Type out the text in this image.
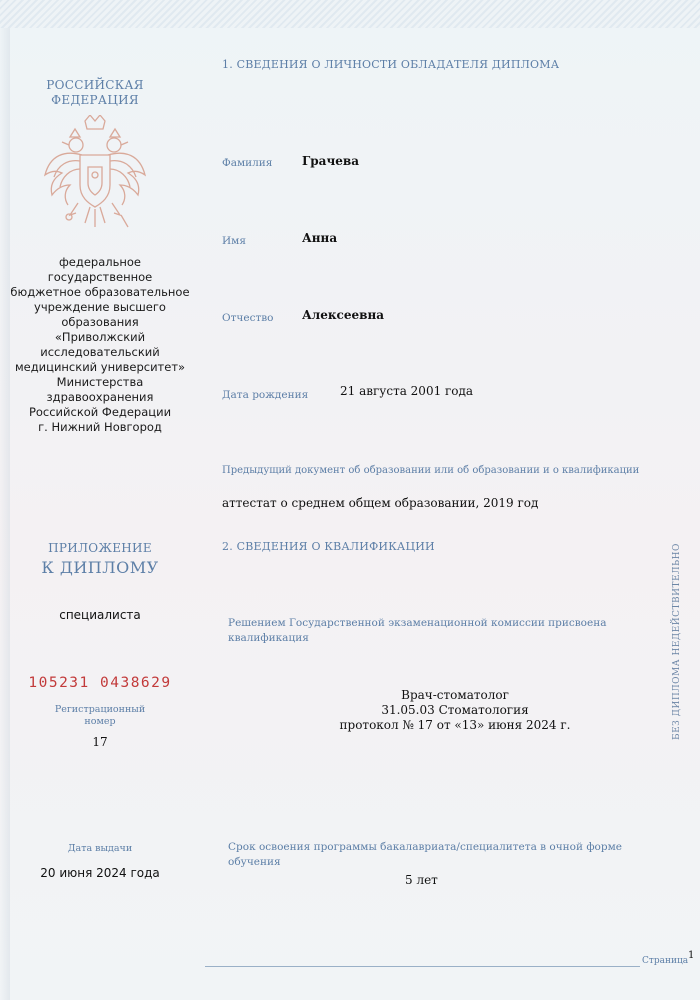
РОССИЙСКАЯ
ФЕДЕРАЦИЯ
федеральное государственное
бюджетное образовательное
учреждение высшего образования
«Приволжский исследовательский
медицинский университет»
Министерства здравоохранения
Российской Федерации
г. Нижний Новгород
ПРИЛОЖЕНИЕ
К ДИПЛОМУ
специалиста
105231 0438629
Регистрационный
номер
17
Дата выдачи
20 июня 2024 года
1. СВЕДЕНИЯ О ЛИЧНОСТИ ОБЛАДАТЕЛЯ ДИПЛОМА
Фамилия Грачева
Имя	Анна
Отчество Алексеевна
Дата рождения	21 августа 2001 года
Предыдущий документ об образовании или об образовании и о квалификации
аттестат о среднем общем образовании, 2019 год
2. СВЕДЕНИЯ О КВАЛИФИКАЦИИ
Решением Государственной экзаменационной комиссии присвоена
квалификация
Врач-стоматолог
31.05.03 Стоматология
протокол № 17 от «13» июня 2024 г.
Срок освоения программы бакалавриата/специалитета в очной форме
обучения
5 лет
Страница 1
БЕЗ ДИПЛОМА НЕДЕЙСТВИТЕЛЬНО
